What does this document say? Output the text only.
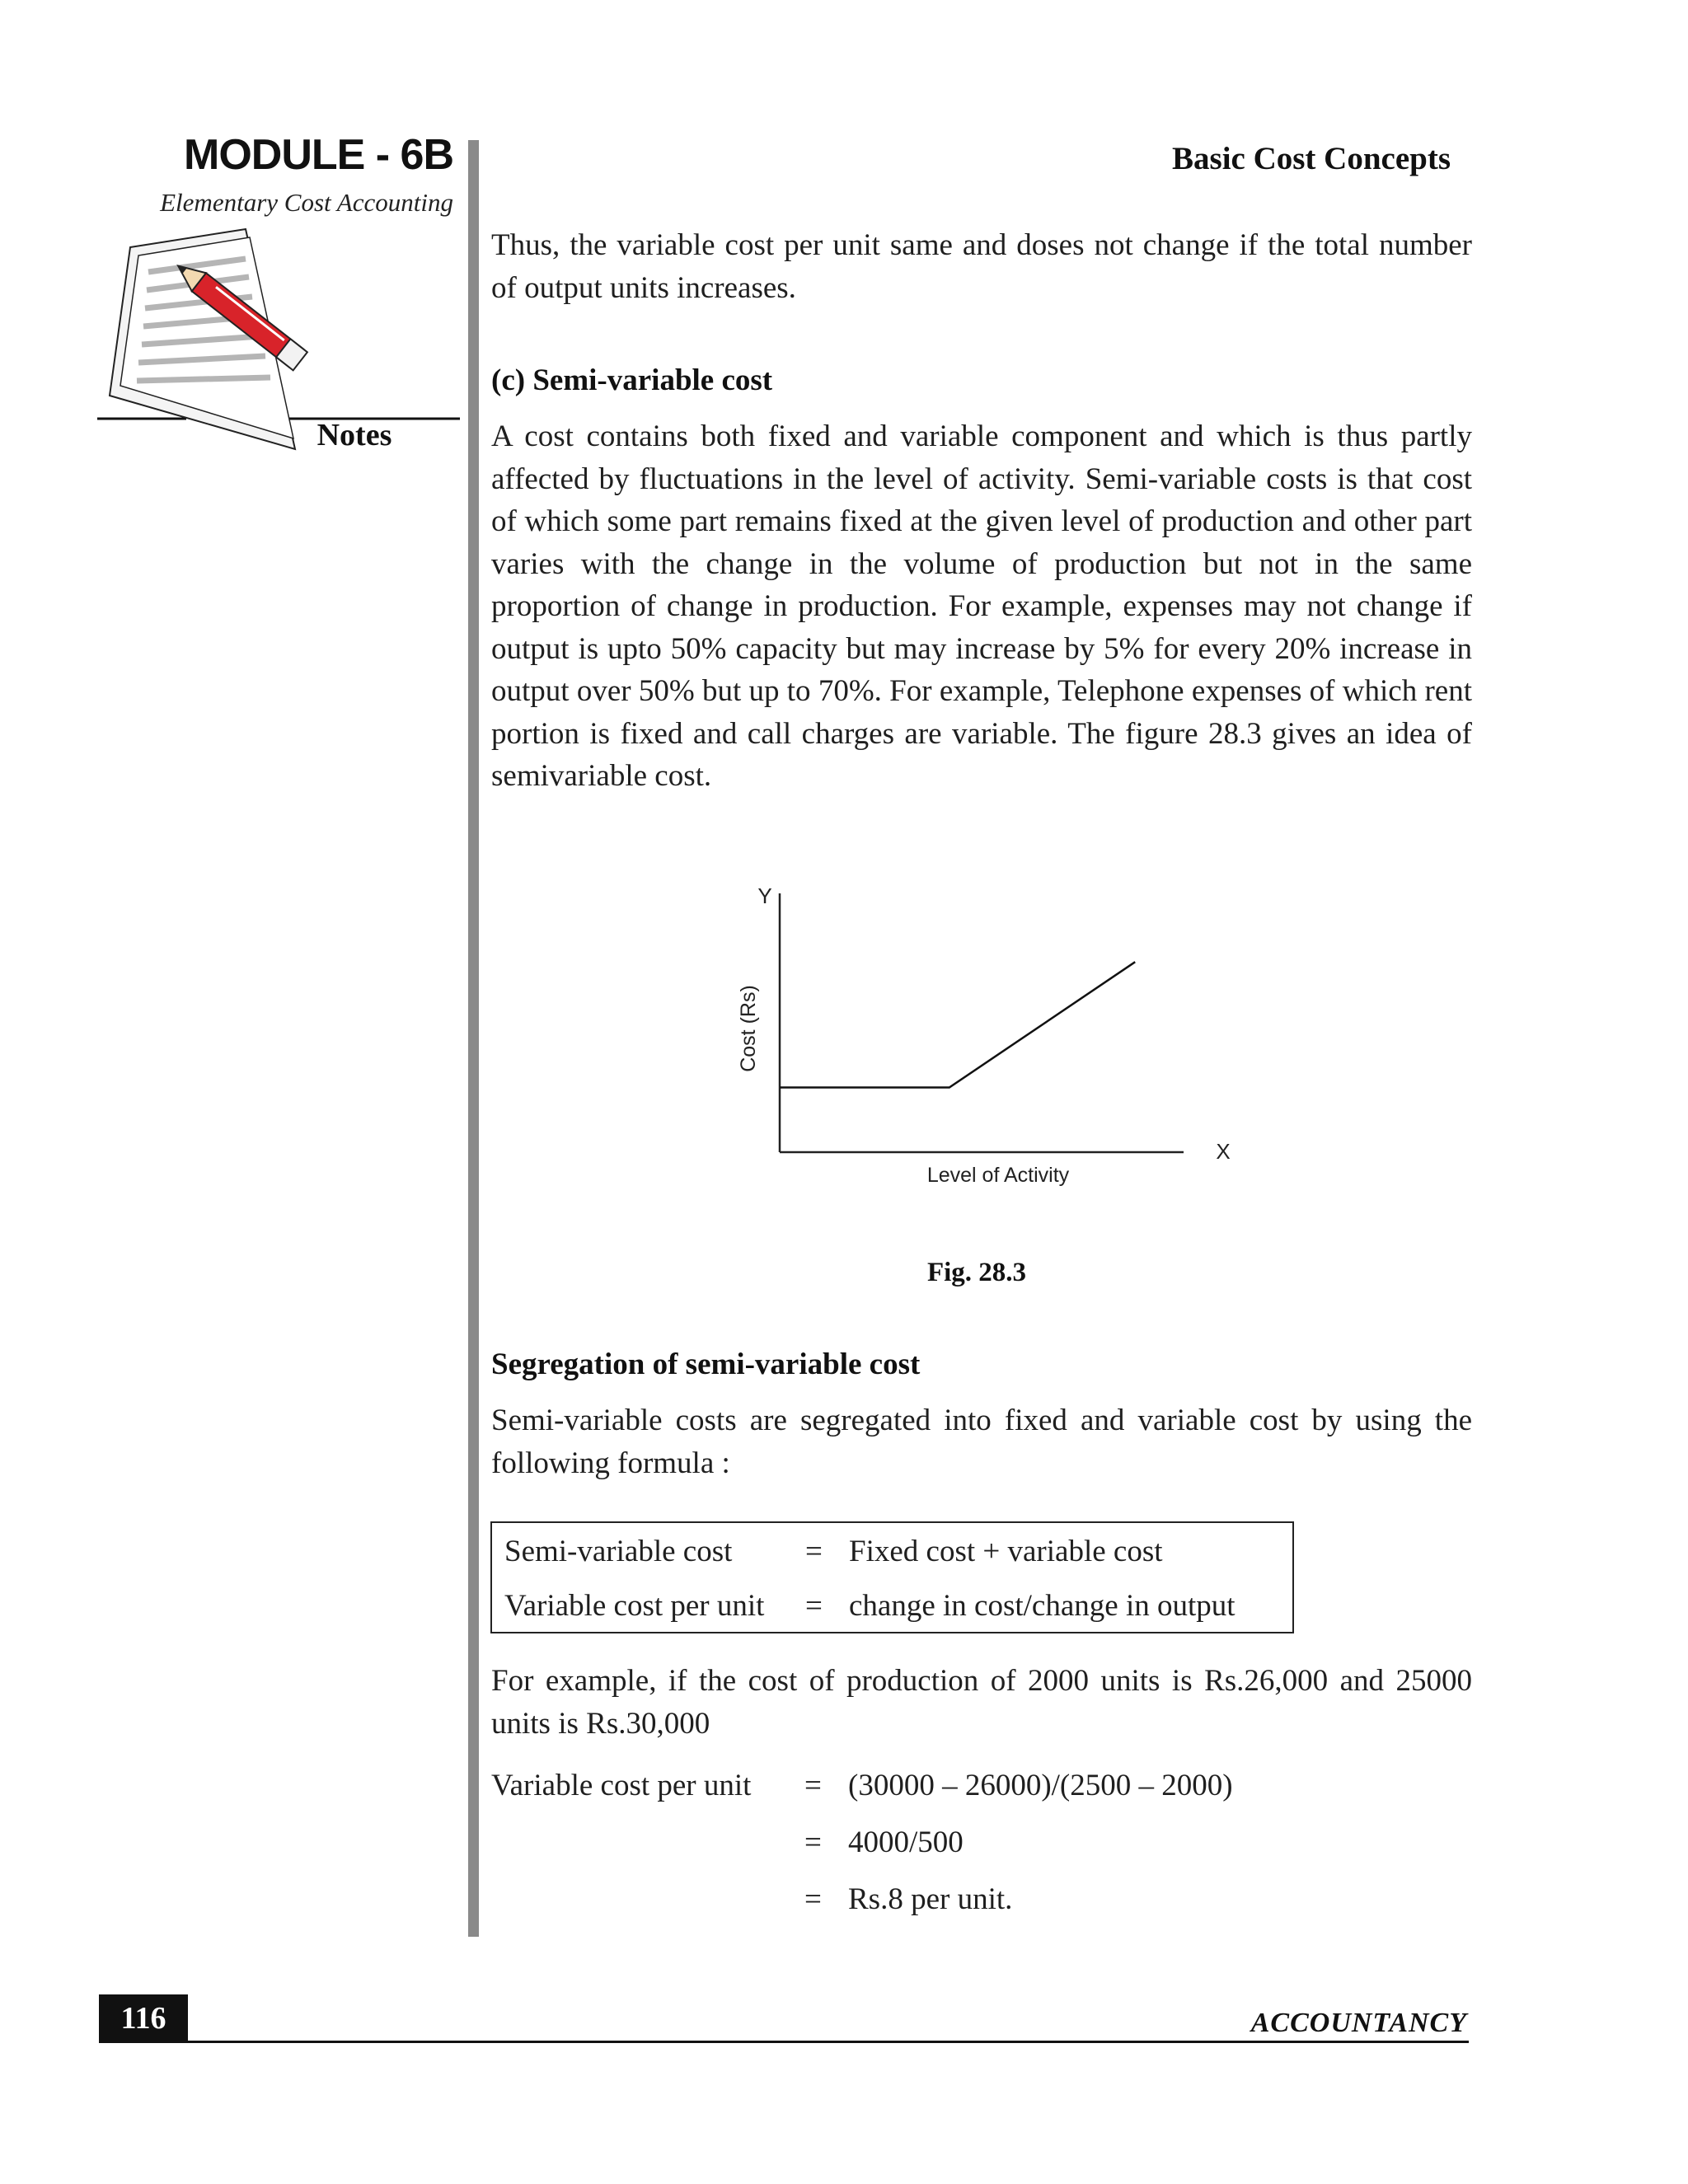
MODULE - 6B
Elementary Cost Accounting
Notes
Basic Cost Concepts
Thus, the variable cost per unit same and doses not change if the total number of output units increases.
(c) Semi-variable cost
A cost contains both fixed and variable component and which is thus partly affected by fluctuations in the level of activity. Semi-variable costs is that cost of which some part remains fixed at the given level of production and other part varies with the change in the volume of production but not in the same proportion of change in production. For example, expenses may not change if output is upto 50% capacity but may increase by 5% for every 20% increase in output over 50% but up to 70%. For example, Telephone expenses of which rent portion is fixed and call charges are variable. The figure 28.3 gives an idea of semivariable cost.
Y
X
Cost (Rs)
Level of Activity
Fig. 28.3
Segregation of semi-variable cost
Semi-variable costs are segregated into fixed and variable cost by using the following formula :
Semi-variable cost = Fixed cost + variable cost
Variable cost per unit = change in cost/change in output
For example, if the cost of production of 2000 units is Rs.26,000 and 25000 units is Rs.30,000
Variable cost per unit = (30000 – 26000)/(2500 – 2000)
= 4000/500
= Rs.8 per unit.
116	ACCOUNTANCY
